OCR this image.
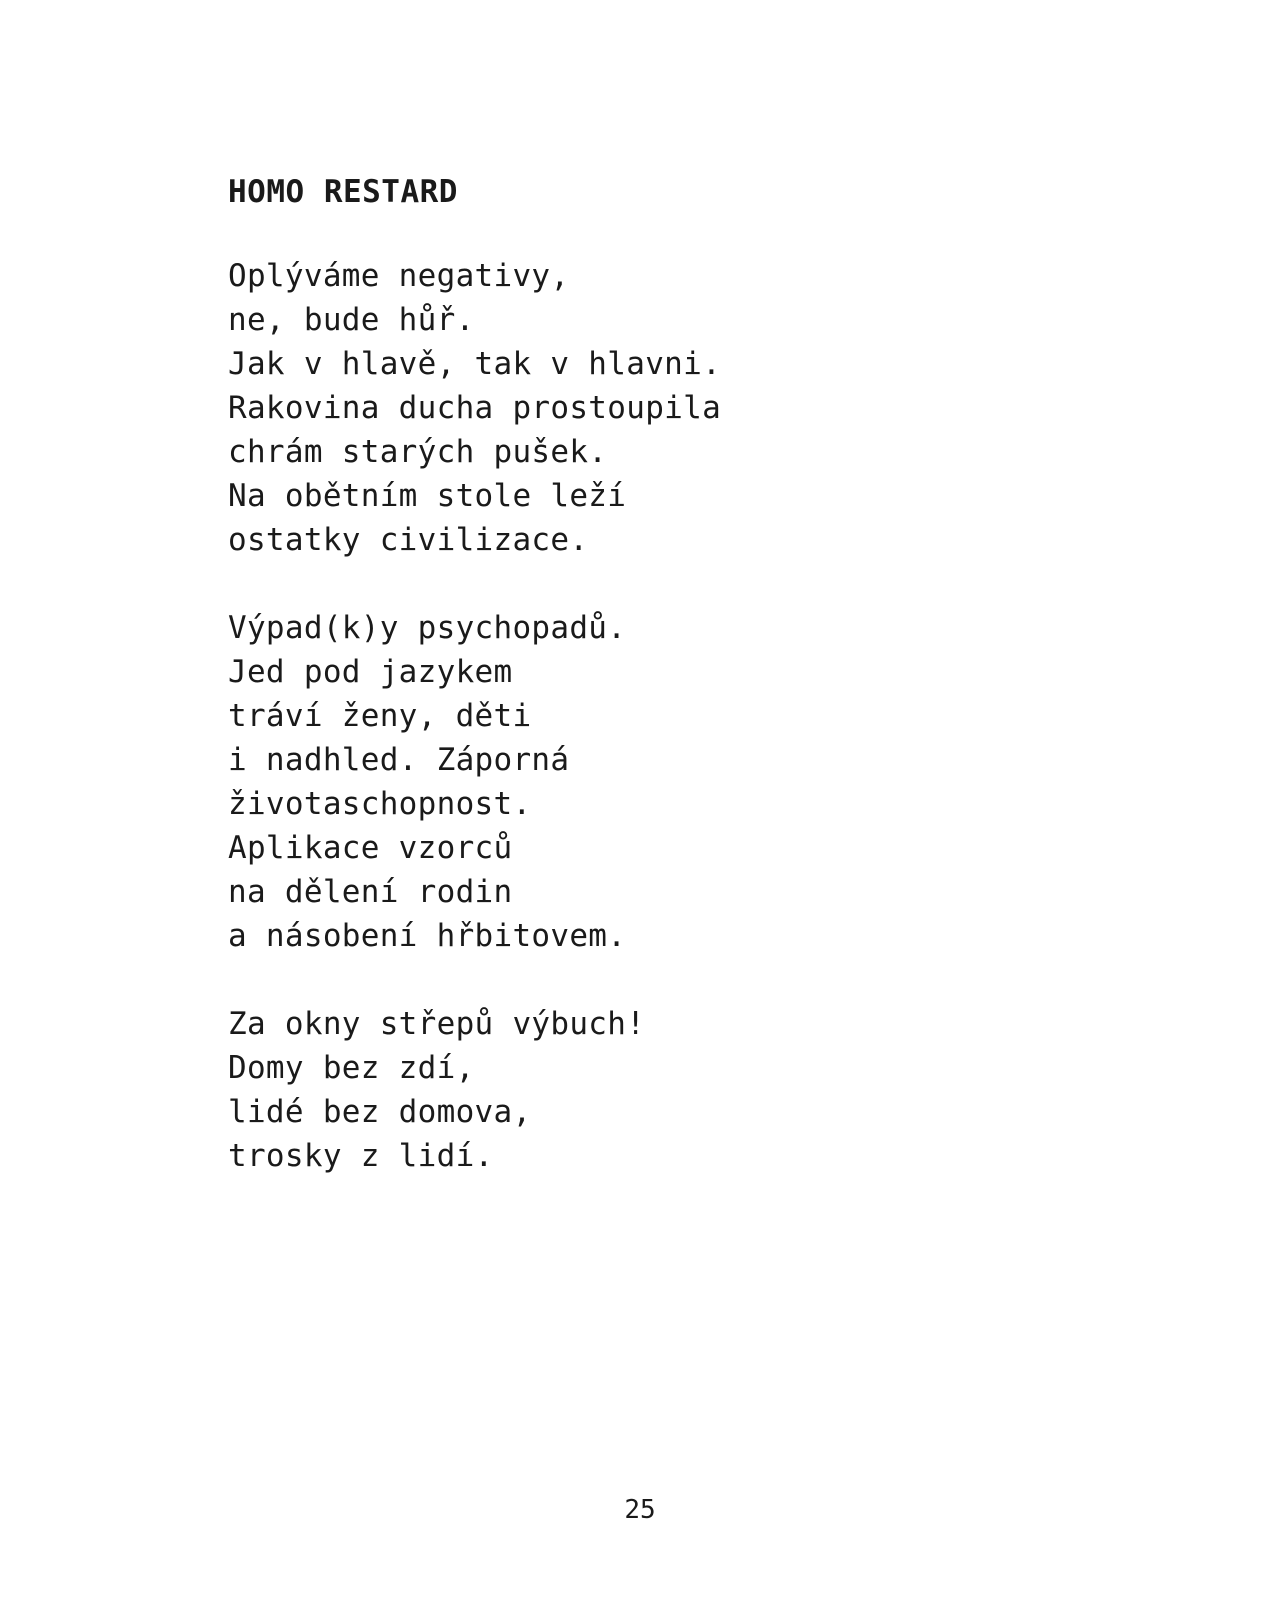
HOMO RESTARD
Oplýváme negativy,
ne, bude hůř.
Jak v hlavě, tak v hlavni.
Rakovina ducha prostoupila
chrám starých pušek.
Na obětním stole leží
ostatky civilizace.
Výpad(k)y psychopadů.
Jed pod jazykem
tráví ženy, děti
i nadhled. Záporná
životaschopnost.
Aplikace vzorců
na dělení rodin
a násobení hřbitovem.
Za okny střepů výbuch!
Domy bez zdí,
lidé bez domova,
trosky z lidí.
25
